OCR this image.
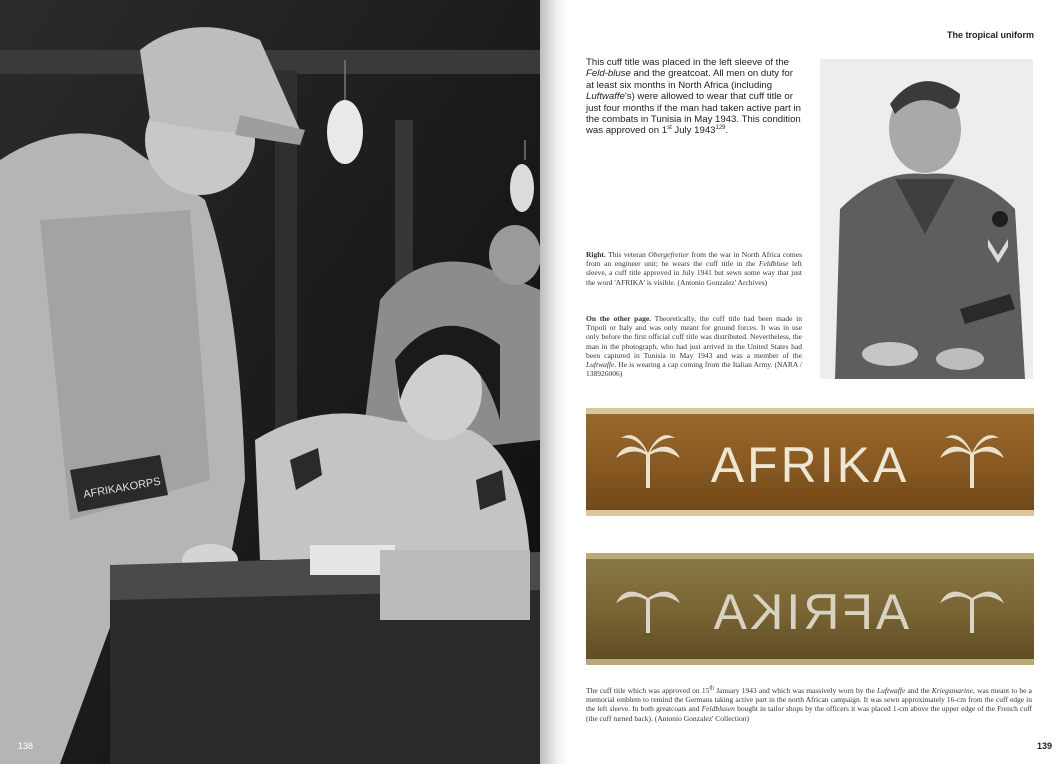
AFRIKAKORPS
138
The tropical uniform

This cuff title was placed in the left sleeve of the Feld-bluse and the greatcoat. All men on duty for at least six months in North Africa (including Luftwaffe's) were allowed to wear that cuff title or just four months if the man had taken active part in the combats in Tunisia in May 1943. This condition was approved on 1st July 1943$^{129}$.

Right. This veteran Obergefreiter from the war in North Africa comes from an engineer unit; he wears the cuff title in the Feldbluse left sleeve, a cuff title approved in July 1941 but sewn some way that just the word 'AFRIKA' is visible. (Antonio Gonzalez' Archives)

On the other page. Theoretically, the cuff title had been made in Tripoli or Italy and was only meant for ground forces. It was in use only before the first official cuff title was distributed. Nevertheless, the man in the photograph, who had just arrived in the United States had been captured in Tunisia in May 1943 and was a member of the Luftwaffe. He is wearing a cap coming from the Italian Army. (NARA / 138926006)

AFRIKA
AFRIKA

The cuff title which was approved on 15th January 1943 and which was massively worn by the Luftwaffe and the Kriegsmarine, was meant to be a memorial emblem to remind the Germans taking active part in the north African campaign. It was sewn approximately 16-cm from the cuff edge in the left sleeve. In both greatcoats and Feldblusen bought in tailor shops by the officers it was placed 1-cm above the upper edge of the French cuff (the cuff turned back). (Antonio Gonzalez' Collection)

139
